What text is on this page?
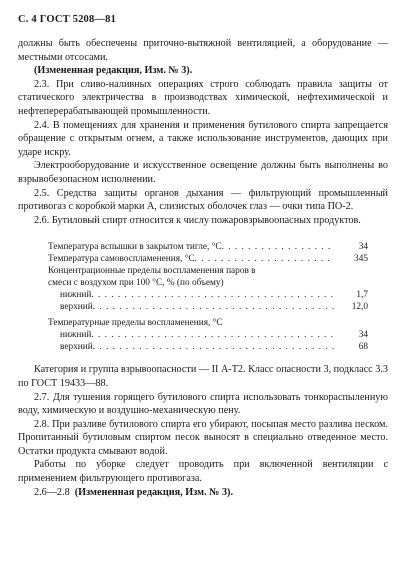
С. 4 ГОСТ 5208—81

должны быть обеспечены приточно-вытяжной вентиляцией, а оборудование — местными отсосами.

(Измененная редакция, Изм. № 3).

2.3. При сливо-наливных операциях строго соблюдать правила защиты от статического электричества в производствах химической, нефтехимической и нефтеперерабатывающей промышленности.

2.4. В помещениях для хранения и применения бутилового спирта запрещается обращение с открытым огнем, а также использование инструментов, дающих при ударе искру.

Электрооборудование и искусственное освещение должны быть выполнены во взрывобезопасном исполнении.

2.5. Средства защиты органов дыхания — фильтрующий промышленный противогаз с коробкой марки А, слизистых оболочек глаз — очки типа ПО-2.

2.6. Бутиловый спирт относится к числу пожаровзрывоопасных продуктов.

Температура вспышки в закрытом тигле, °С . . .	34
Температура самовоспламенения, °С . . .	345
Концентрационные пределы воспламенения паров в
смеси с воздухом при 100 °С, % (по объему)
нижний . . .	1,7
верхний . . .	12,0
Температурные пределы воспламенения, °С
нижний . . .	34
верхний . . .	68

Категория и группа взрывоопасности — II А-Т2. Класс опасности 3, подкласс 3.3 по ГОСТ 19433—88.

2.7. Для тушения горящего бутилового спирта использовать тонкораспыленную воду, химическую и воздушно-механическую пену.

2.8. При разливе бутилового спирта его убирают, посыпая место разлива песком. Пропитанный бутиловым спиртом песок выносят в специально отведенное место. Остатки продукта смывают водой.

Работы по уборке следует проводить при включенной вентиляции с применением фильтрующего противогаза.

2.6—2.8 (Измененная редакция, Изм. № 3).
